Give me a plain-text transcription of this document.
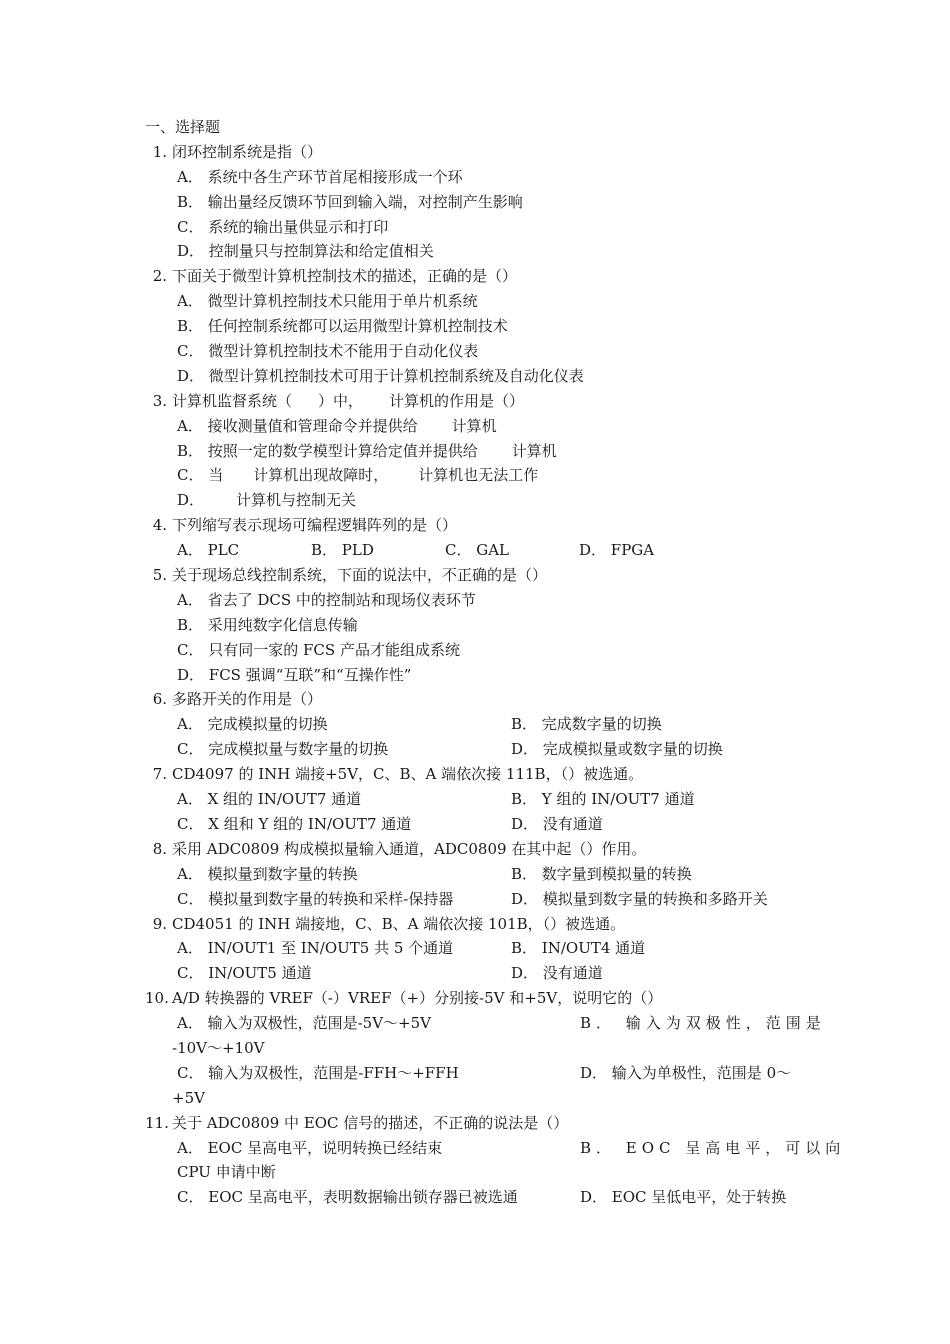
一、选择题
1. 闭环控制系统是指（）
A． 系统中各生产环节首尾相接形成一个环
B． 输出量经反馈环节回到输入端，对控制产生影响
C． 系统的输出量供显示和打印
D． 控制量只与控制算法和给定值相关
2. 下面关于微型计算机控制技术的描述，正确的是（）
A． 微型计算机控制技术只能用于单片机系统
B． 任何控制系统都可以运用微型计算机控制技术
C． 微型计算机控制技术不能用于自动化仪表
D． 微型计算机控制技术可用于计算机控制系统及自动化仪表
3. 计算机监督系统（ ）中， 计算机的作用是（）
A． 接收测量值和管理命令并提供给 计算机
B． 按照一定的数学模型计算给定值并提供给 计算机
C． 当 计算机出现故障时， 计算机也无法工作
D． 计算机与控制无关
4. 下列缩写表示现场可编程逻辑阵列的是（）
A． PLC	B． PLD	C． GAL	D． FPGA
5. 关于现场总线控制系统，下面的说法中，不正确的是（）
A． 省去了 DCS 中的控制站和现场仪表环节
B． 采用纯数字化信息传输
C． 只有同一家的 FCS 产品才能组成系统
D． FCS 强调“互联”和“互操作性”
6. 多路开关的作用是（）
A． 完成模拟量的切换	B． 完成数字量的切换
C． 完成模拟量与数字量的切换	D． 完成模拟量或数字量的切换
7. CD4097 的 INH 端接+5V，C、B、A 端依次接 111B，（）被选通。
A． X 组的 IN/OUT7 通道	B． Y 组的 IN/OUT7 通道
C． X 组和 Y 组的 IN/OUT7 通道	D． 没有通道
8. 采用 ADC0809 构成模拟量输入通道，ADC0809 在其中起（）作用。
A． 模拟量到数字量的转换	B． 数字量到模拟量的转换
C． 模拟量到数字量的转换和采样-保持器	D． 模拟量到数字量的转换和多路开关
9. CD4051 的 INH 端接地，C、B、A 端依次接 101B，（）被选通。
A． IN/OUT1 至 IN/OUT5 共 5 个通道	B． IN/OUT4 通道
C． IN/OUT5 通道	D． 没有通道
10. A/D 转换器的 VREF（-）VREF（+）分别接-5V 和+5V，说明它的（）
A． 输入为双极性，范围是-5V～+5V	B． 输入为双极性，范围是
-10V～+10V
C． 输入为双极性，范围是-FFH～+FFH	D． 输入为单极性，范围是 0～
+5V
11. 关于 ADC0809 中 EOC 信号的描述，不正确的说法是（）
A． EOC 呈高电平，说明转换已经结束	B． EOC 呈高电平，可以向
CPU 申请中断
C． EOC 呈高电平，表明数据输出锁存器已被选通	D． EOC 呈低电平，处于转换
